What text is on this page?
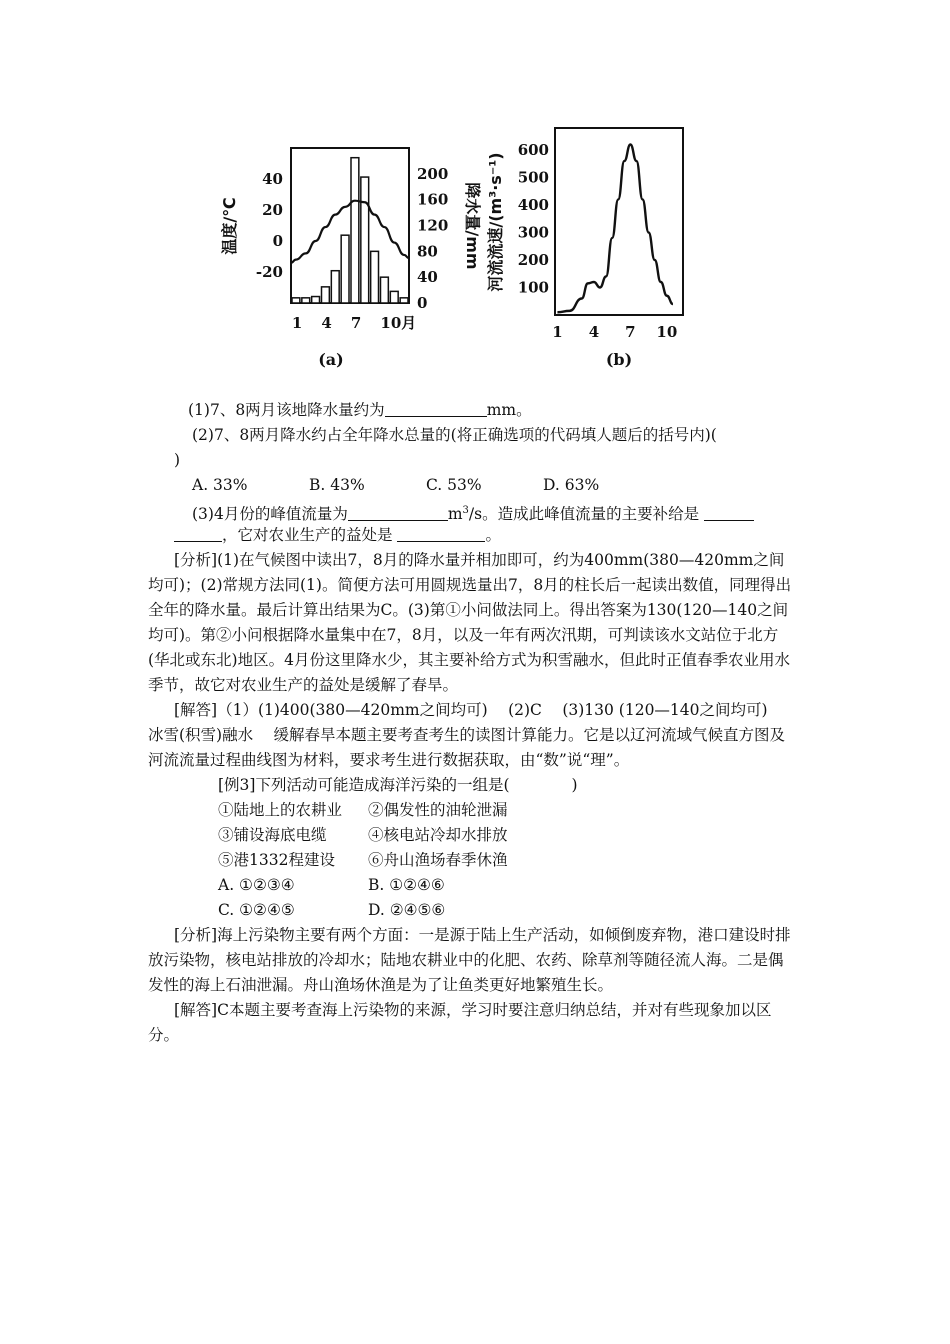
40
20
0
-20
200
160
120
80
40
0
1 4 7 10月
温度/℃	降水量/mm
(a)
600
500
400
300
200
100
1 4 7 10
河流流速/(m³·s⁻¹)
(b)
(1)7、8两月该地降水量约为	mm。
(2)7、8两月降水约占全年降水总量的(将正确选项的代码填人题后的括号内)(
)
A. 33%	B. 43%	C. 53%	D. 63%
(3)4月份的峰值流量为	$m^3/s$。造成此峰值流量的主要补给是
，它对农业生产的益处是	。
[分析](1)在气候图中读出7，8月的降水量并相加即可，约为400mm(380—420mm之间均可)；(2)常规方法同(1)。简便方法可用圆规选量出7，8月的柱长后一起读出数值，同理得出全年的降水量。最后计算出结果为C。(3)第①小问做法同上。得出答案为130(120—140之间均可)。第②小问根据降水量集中在7，8月，以及一年有两次汛期，可判读该水文站位于北方 (华北或东北)地区。4月份这里降水少，其主要补给方式为积雪融水，但此时正值春季农业用水季节，故它对农业生产的益处是缓解了春旱。
[解答]（1）(1)400(380—420mm之间均可)　 (2)C　 (3)130 (120—140之间均可)　 冰雪(积雪)融水　 缓解春旱本题主要考查考生的读图计算能力。它是以辽河流域气候直方图及河流流量过程曲线图为材料，要求考生进行数据获取，由“数”说“理”。
[例3]下列活动可能造成海洋污染的一组是(　　　　)
①陆地上的农耕业 ②偶发性的油轮泄漏
③铺设海底电缆	④核电站冷却水排放
⑤港1332程建设 ⑥舟山渔场春季休渔
A. ①②③④	B. ①②④⑥
C. ①②④⑤	D. ②④⑤⑥
[分析]海上污染物主要有两个方面：一是源于陆上生产活动，如倾倒废弃物，港口建设时排放污染物，核电站排放的冷却水；陆地农耕业中的化肥、农药、除草剂等随径流人海。二是偶发性的海上石油泄漏。舟山渔场休渔是为了让鱼类更好地繁殖生长。
[解答]C本题主要考查海上污染物的来源，学习时要注意归纳总结，并对有些现象加以区分。
